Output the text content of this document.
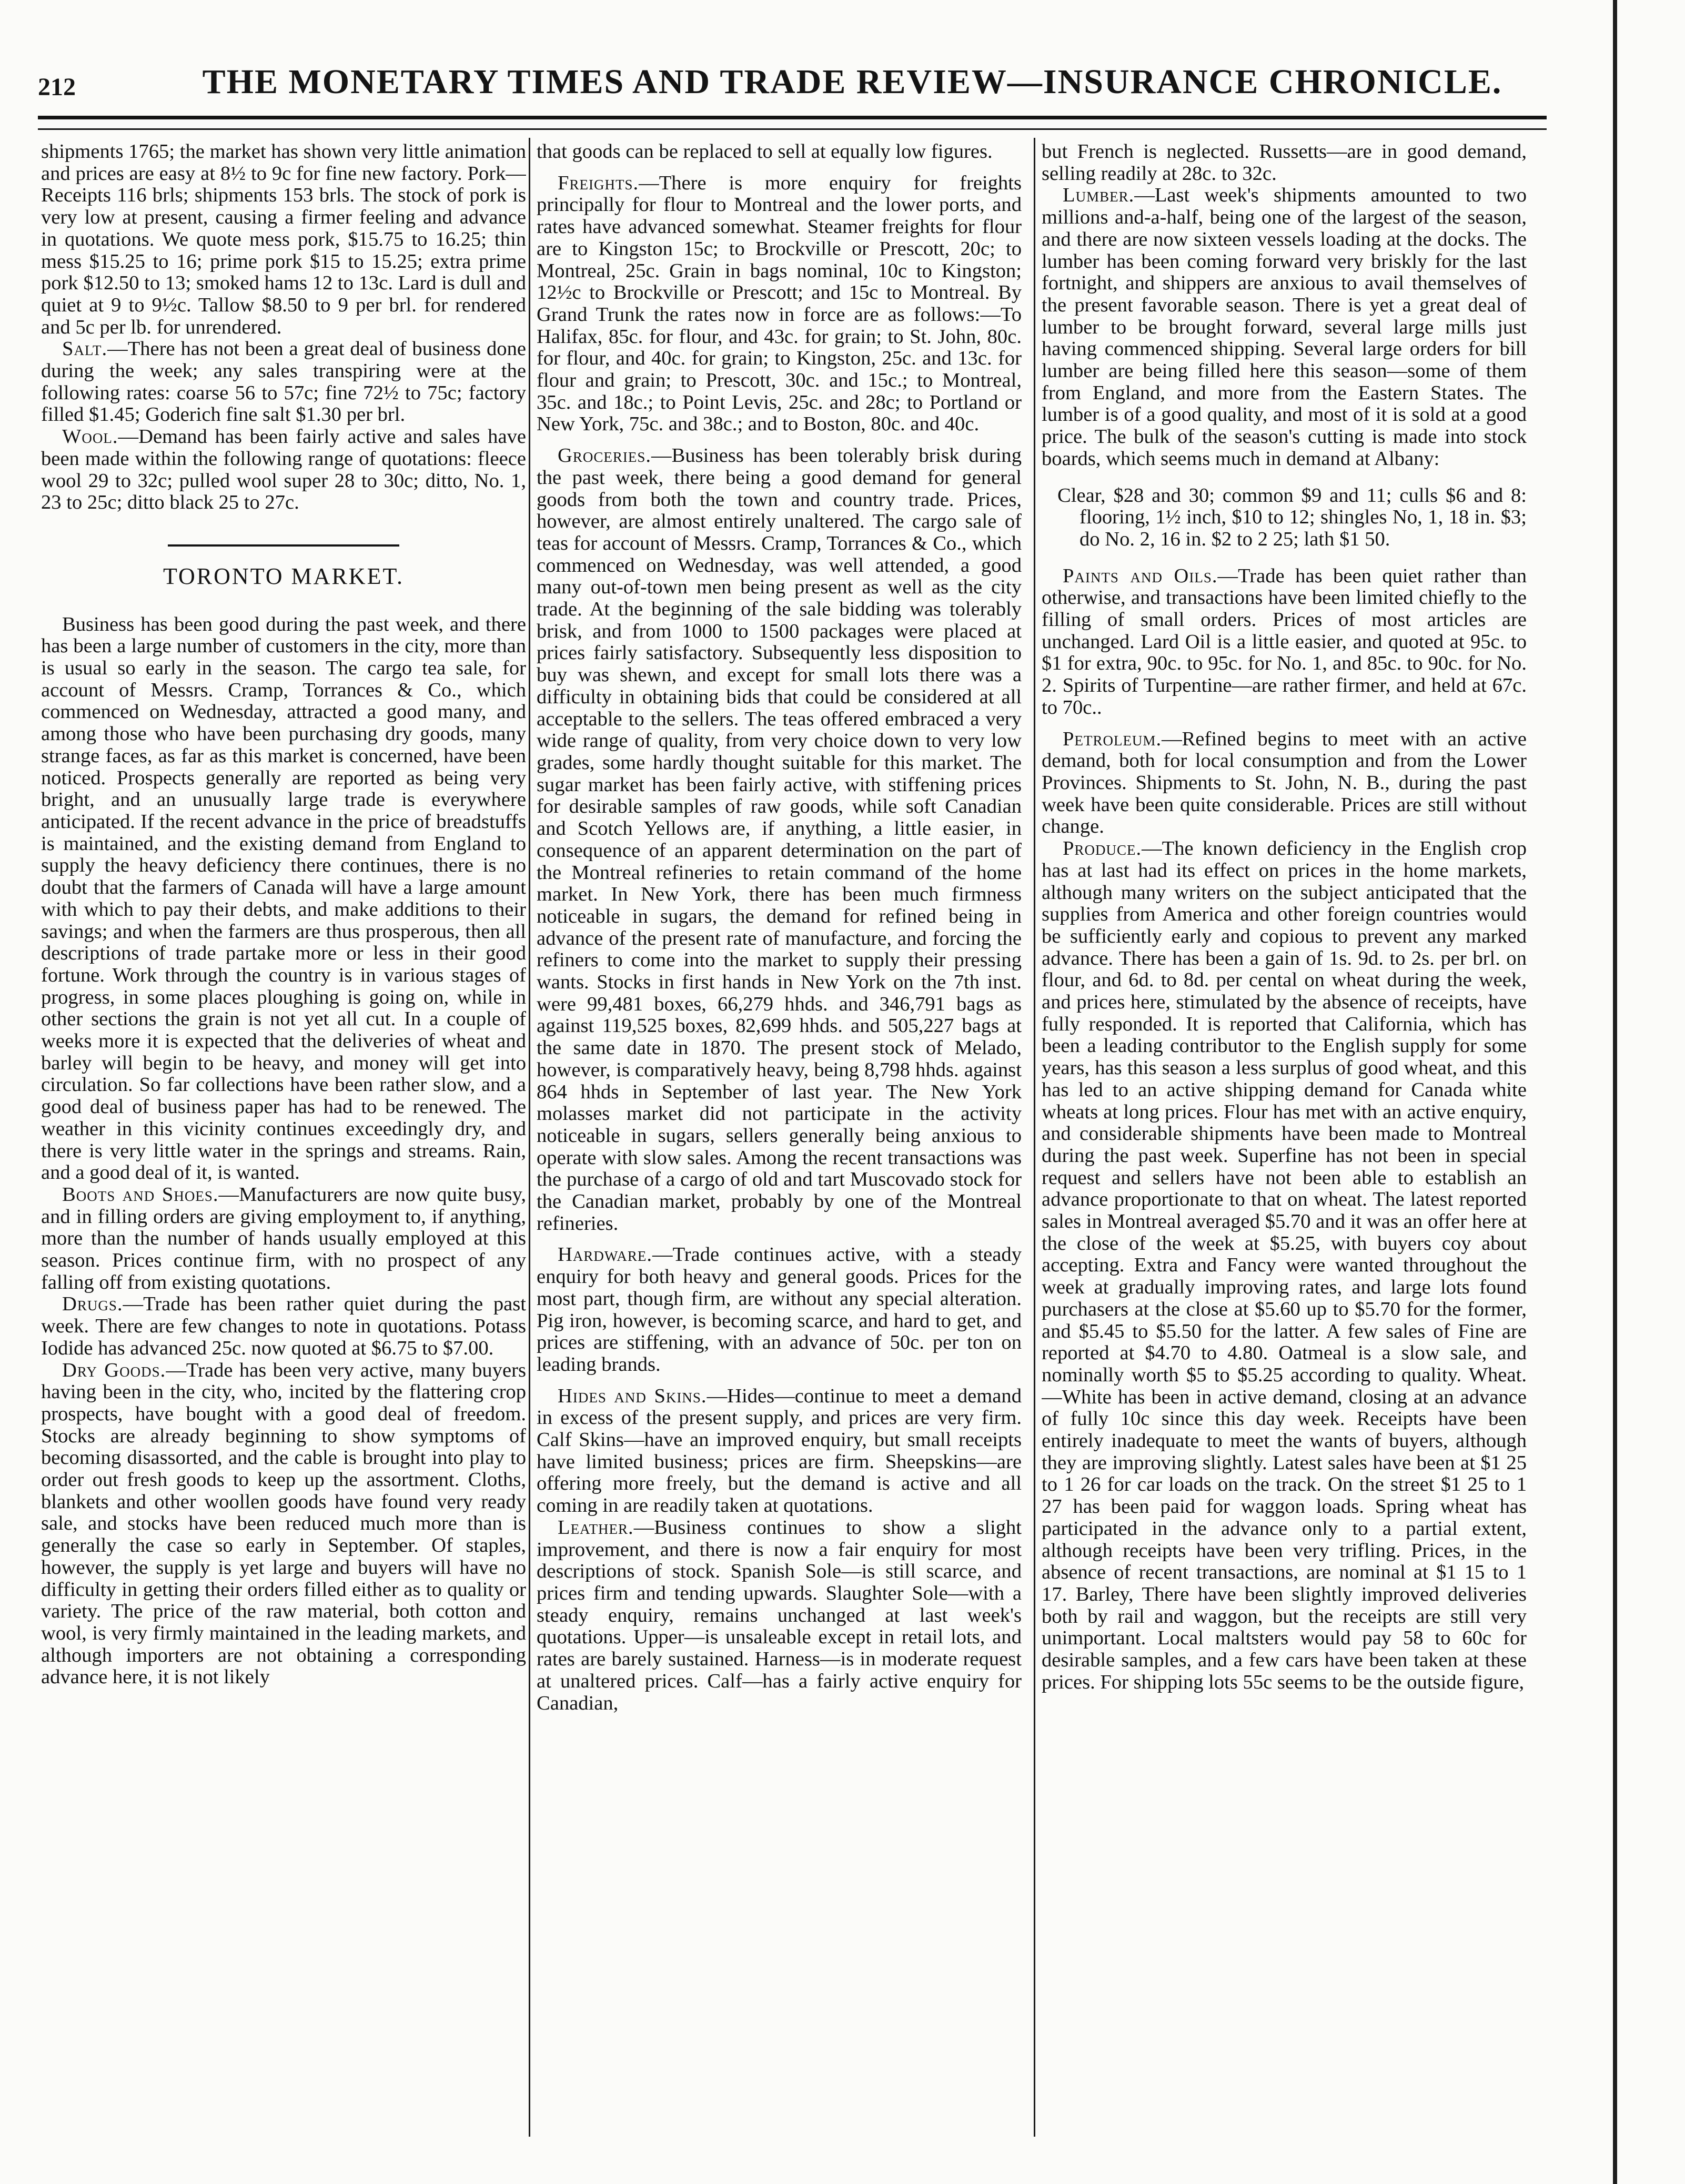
212	THE MONETARY TIMES AND TRADE REVIEW—INSURANCE CHRONICLE.

shipments 1765; the market has shown very little animation and prices are easy at 8½ to 9c for fine new factory. Pork—Receipts 116 brls; shipments 153 brls. The stock of pork is very low at present, causing a firmer feeling and advance in quotations. We quote mess pork, $15.75 to 16.25; thin mess $15.25 to 16; prime pork $15 to 15.25; extra prime pork $12.50 to 13; smoked hams 12 to 13c. Lard is dull and quiet at 9 to 9½c. Tallow $8.50 to 9 per brl. for rendered and 5c per lb. for unrendered.

Salt.—There has not been a great deal of business done during the week; any sales transpiring were at the following rates: coarse 56 to 57c; fine 72½ to 75c; factory filled $1.45; Goderich fine salt $1.30 per brl.

Wool.—Demand has been fairly active and sales have been made within the following range of quotations: fleece wool 29 to 32c; pulled wool super 28 to 30c; ditto, No. 1, 23 to 25c; ditto black 25 to 27c.

TORONTO MARKET.

Business has been good during the past week, and there has been a large number of customers in the city, more than is usual so early in the season. The cargo tea sale, for account of Messrs. Cramp, Torrances & Co., which commenced on Wednesday, attracted a good many, and among those who have been purchasing dry goods, many strange faces, as far as this market is concerned, have been noticed. Prospects generally are reported as being very bright, and an unusually large trade is everywhere anticipated. If the recent advance in the price of breadstuffs is maintained, and the existing demand from England to supply the heavy deficiency there continues, there is no doubt that the farmers of Canada will have a large amount with which to pay their debts, and make additions to their savings; and when the farmers are thus prosperous, then all descriptions of trade partake more or less in their good fortune. Work through the country is in various stages of progress, in some places ploughing is going on, while in other sections the grain is not yet all cut. In a couple of weeks more it is expected that the deliveries of wheat and barley will begin to be heavy, and money will get into circulation. So far collections have been rather slow, and a good deal of business paper has had to be renewed. The weather in this vicinity continues exceedingly dry, and there is very little water in the springs and streams. Rain, and a good deal of it, is wanted.

Boots and Shoes.—Manufacturers are now quite busy, and in filling orders are giving employment to, if anything, more than the number of hands usually employed at this season. Prices continue firm, with no prospect of any falling off from existing quotations.

Drugs.—Trade has been rather quiet during the past week. There are few changes to note in quotations. Potass Iodide has advanced 25c. now quoted at $6.75 to $7.00.

Dry Goods.—Trade has been very active, many buyers having been in the city, who, incited by the flattering crop prospects, have bought with a good deal of freedom. Stocks are already beginning to show symptoms of becoming disassorted, and the cable is brought into play to order out fresh goods to keep up the assortment. Cloths, blankets and other woollen goods have found very ready sale, and stocks have been reduced much more than is generally the case so early in September. Of staples, however, the supply is yet large and buyers will have no difficulty in getting their orders filled either as to quality or variety. The price of the raw material, both cotton and wool, is very firmly maintained in the leading markets, and although importers are not obtaining a corresponding advance here, it is not likely

that goods can be replaced to sell at equally low figures.

Freights.—There is more enquiry for freights principally for flour to Montreal and the lower ports, and rates have advanced somewhat. Steamer freights for flour are to Kingston 15c; to Brockville or Prescott, 20c; to Montreal, 25c. Grain in bags nominal, 10c to Kingston; 12½c to Brockville or Prescott; and 15c to Montreal. By Grand Trunk the rates now in force are as follows:—To Halifax, 85c. for flour, and 43c. for grain; to St. John, 80c. for flour, and 40c. for grain; to Kingston, 25c. and 13c. for flour and grain; to Prescott, 30c. and 15c.; to Montreal, 35c. and 18c.; to Point Levis, 25c. and 28c; to Portland or New York, 75c. and 38c.; and to Boston, 80c. and 40c.

Groceries.—Business has been tolerably brisk during the past week, there being a good demand for general goods from both the town and country trade. Prices, however, are almost entirely unaltered. The cargo sale of teas for account of Messrs. Cramp, Torrances & Co., which commenced on Wednesday, was well attended, a good many out-of-town men being present as well as the city trade. At the beginning of the sale bidding was tolerably brisk, and from 1000 to 1500 packages were placed at prices fairly satisfactory. Subsequently less disposition to buy was shewn, and except for small lots there was a difficulty in obtaining bids that could be considered at all acceptable to the sellers. The teas offered embraced a very wide range of quality, from very choice down to very low grades, some hardly thought suitable for this market. The sugar market has been fairly active, with stiffening prices for desirable samples of raw goods, while soft Canadian and Scotch Yellows are, if anything, a little easier, in consequence of an apparent determination on the part of the Montreal refineries to retain command of the home market. In New York, there has been much firmness noticeable in sugars, the demand for refined being in advance of the present rate of manufacture, and forcing the refiners to come into the market to supply their pressing wants. Stocks in first hands in New York on the 7th inst. were 99,481 boxes, 66,279 hhds. and 346,791 bags as against 119,525 boxes, 82,699 hhds. and 505,227 bags at the same date in 1870. The present stock of Melado, however, is comparatively heavy, being 8,798 hhds. against 864 hhds in September of last year. The New York molasses market did not participate in the activity noticeable in sugars, sellers generally being anxious to operate with slow sales. Among the recent transactions was the purchase of a cargo of old and tart Muscovado stock for the Canadian market, probably by one of the Montreal refineries.

Hardware.—Trade continues active, with a steady enquiry for both heavy and general goods. Prices for the most part, though firm, are without any special alteration. Pig iron, however, is becoming scarce, and hard to get, and prices are stiffening, with an advance of 50c. per ton on leading brands.

Hides and Skins.—Hides—continue to meet a demand in excess of the present supply, and prices are very firm. Calf Skins—have an improved enquiry, but small receipts have limited business; prices are firm. Sheepskins—are offering more freely, but the demand is active and all coming in are readily taken at quotations.

Leather.—Business continues to show a slight improvement, and there is now a fair enquiry for most descriptions of stock. Spanish Sole—is still scarce, and prices firm and tending upwards. Slaughter Sole—with a steady enquiry, remains unchanged at last week's quotations. Upper—is unsaleable except in retail lots, and rates are barely sustained. Harness—is in moderate request at unaltered prices. Calf—has a fairly active enquiry for Canadian,

but French is neglected. Russetts—are in good demand, selling readily at 28c. to 32c.

Lumber.—Last week's shipments amounted to two millions and-a-half, being one of the largest of the season, and there are now sixteen vessels loading at the docks. The lumber has been coming forward very briskly for the last fortnight, and shippers are anxious to avail themselves of the present favorable season. There is yet a great deal of lumber to be brought forward, several large mills just having commenced shipping. Several large orders for bill lumber are being filled here this season—some of them from England, and more from the Eastern States. The lumber is of a good quality, and most of it is sold at a good price. The bulk of the season's cutting is made into stock boards, which seems much in demand at Albany:

Clear, $28 and 30; common $9 and 11; culls $6 and 8: flooring, 1½ inch, $10 to 12; shingles No, 1, 18 in. $3; do No. 2, 16 in. $2 to 2 25; lath $1 50.

Paints and Oils.—Trade has been quiet rather than otherwise, and transactions have been limited chiefly to the filling of small orders. Prices of most articles are unchanged. Lard Oil is a little easier, and quoted at 95c. to $1 for extra, 90c. to 95c. for No. 1, and 85c. to 90c. for No. 2. Spirits of Turpentine—are rather firmer, and held at 67c. to 70c..

Petroleum.—Refined begins to meet with an active demand, both for local consumption and from the Lower Provinces. Shipments to St. John, N. B., during the past week have been quite considerable. Prices are still without change.

Produce.—The known deficiency in the English crop has at last had its effect on prices in the home markets, although many writers on the subject anticipated that the supplies from America and other foreign countries would be sufficiently early and copious to prevent any marked advance. There has been a gain of 1s. 9d. to 2s. per brl. on flour, and 6d. to 8d. per cental on wheat during the week, and prices here, stimulated by the absence of receipts, have fully responded. It is reported that California, which has been a leading contributor to the English supply for some years, has this season a less surplus of good wheat, and this has led to an active shipping demand for Canada white wheats at long prices. Flour has met with an active enquiry, and considerable shipments have been made to Montreal during the past week. Superfine has not been in special request and sellers have not been able to establish an advance proportionate to that on wheat. The latest reported sales in Montreal averaged $5.70 and it was an offer here at the close of the week at $5.25, with buyers coy about accepting. Extra and Fancy were wanted throughout the week at gradually improving rates, and large lots found purchasers at the close at $5.60 up to $5.70 for the former, and $5.45 to $5.50 for the latter. A few sales of Fine are reported at $4.70 to 4.80. Oatmeal is a slow sale, and nominally worth $5 to $5.25 according to quality. Wheat.—White has been in active demand, closing at an advance of fully 10c since this day week. Receipts have been entirely inadequate to meet the wants of buyers, although they are improving slightly. Latest sales have been at $1 25 to 1 26 for car loads on the track. On the street $1 25 to 1 27 has been paid for waggon loads. Spring wheat has participated in the advance only to a partial extent, although receipts have been very trifling. Prices, in the absence of recent transactions, are nominal at $1 15 to 1 17. Barley, There have been slightly improved deliveries both by rail and waggon, but the receipts are still very unimportant. Local maltsters would pay 58 to 60c for desirable samples, and a few cars have been taken at these prices. For shipping lots 55c seems to be the outside figure,
